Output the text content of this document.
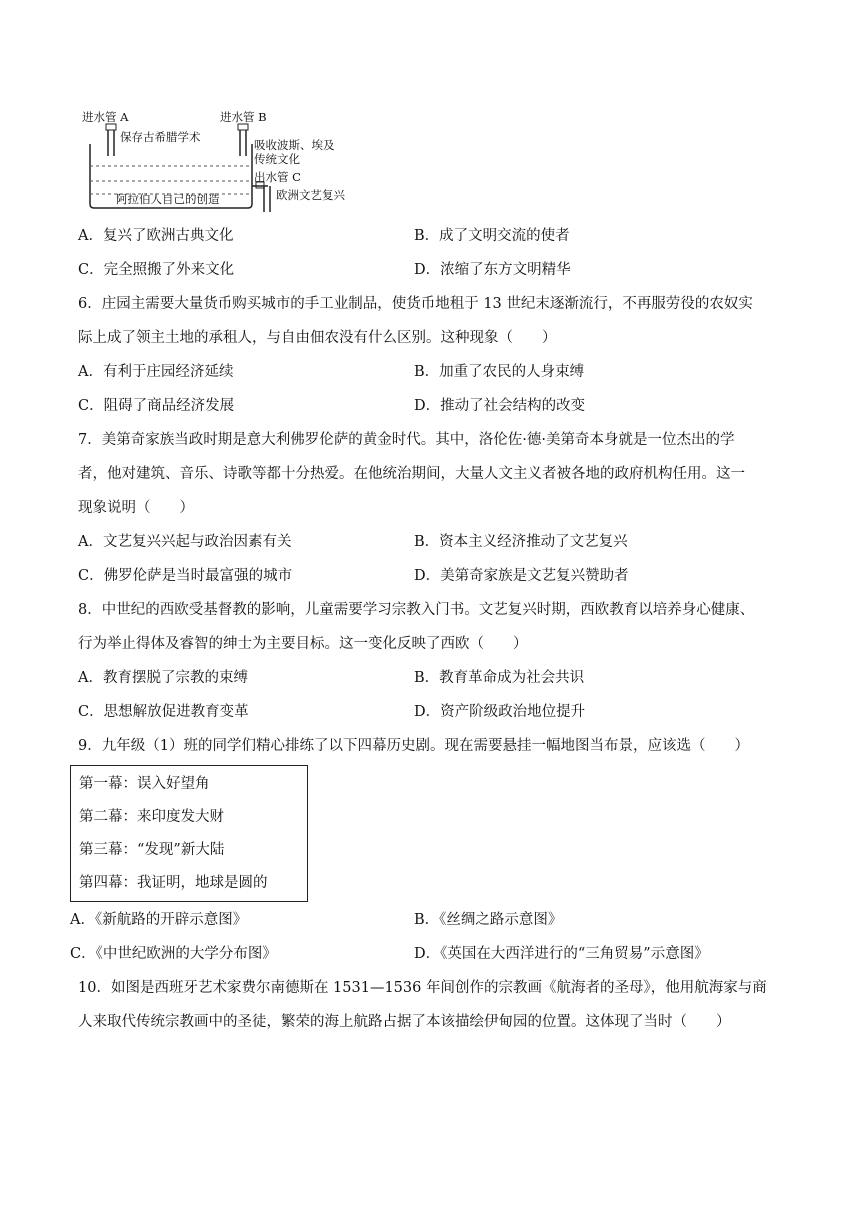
进水管 A
保存古希腊学术
进水管 B
吸收波斯、埃及
传统文化
出水管 C
欧洲文艺复兴
阿拉伯人自己的创造
A．复兴了欧洲古典文化	B．成了文明交流的使者
C．完全照搬了外来文化	D．浓缩了东方文明精华
6．庄园主需要大量货币购买城市的手工业制品，使货币地租于 13 世纪末逐渐流行，不再服劳役的农奴实
际上成了领主土地的承租人，与自由佃农没有什么区别。这种现象（　　）
A．有利于庄园经济延续	B．加重了农民的人身束缚
C．阻碍了商品经济发展	D．推动了社会结构的改变
7．美第奇家族当政时期是意大利佛罗伦萨的黄金时代。其中，洛伦佐·德·美第奇本身就是一位杰出的学
者，他对建筑、音乐、诗歌等都十分热爱。在他统治期间，大量人文主义者被各地的政府机构任用。这一
现象说明（　　）
A．文艺复兴兴起与政治因素有关	B．资本主义经济推动了文艺复兴
C．佛罗伦萨是当时最富强的城市	D．美第奇家族是文艺复兴赞助者
8．中世纪的西欧受基督教的影响，儿童需要学习宗教入门书。文艺复兴时期，西欧教育以培养身心健康、
行为举止得体及睿智的绅士为主要目标。这一变化反映了西欧（　　）
A．教育摆脱了宗教的束缚	B．教育革命成为社会共识
C．思想解放促进教育变革	D．资产阶级政治地位提升
9．九年级（1）班的同学们精心排练了以下四幕历史剧。现在需要悬挂一幅地图当布景，应该选（　　）
第一幕：误入好望角
第二幕：来印度发大财
第三幕：“发现”新大陆
第四幕：我证明，地球是圆的
A．《新航路的开辟示意图》	B．《丝绸之路示意图》
C．《中世纪欧洲的大学分布图》	D．《英国在大西洋进行的“三角贸易”示意图》
10．如图是西班牙艺术家费尔南德斯在 1531—1536 年间创作的宗教画《航海者的圣母》，他用航海家与商
人来取代传统宗教画中的圣徒，繁荣的海上航路占据了本该描绘伊甸园的位置。这体现了当时（　　）
